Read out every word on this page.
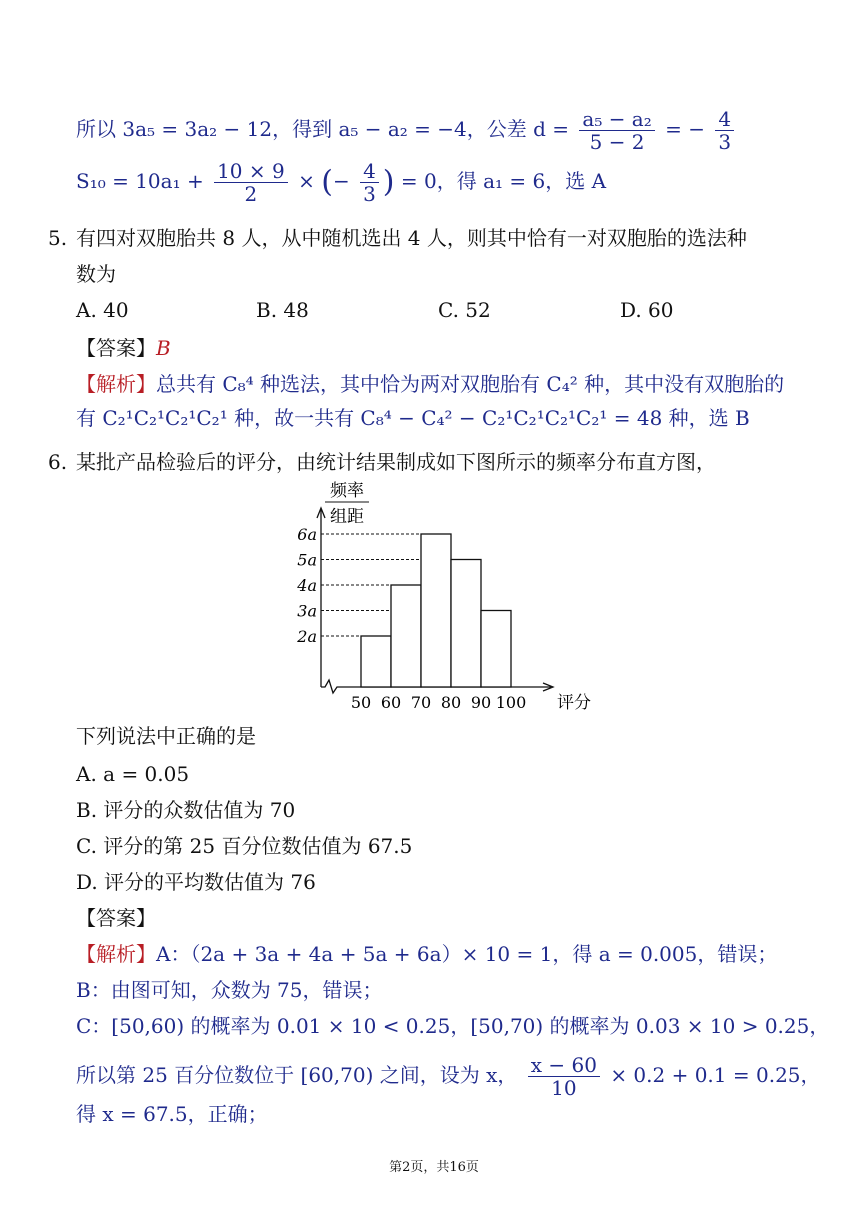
所以 3a₅ = 3a₂ − 12，得到 a₅ − a₂ = −4，公差 $d = \frac{\text{a₅ − a₂}}{5 - 2}$ = − $\frac{4}{3}$
$S_{10} = 10a_1 + \frac{10 \times 9}{2}$ × (− $\frac{4}{3}$ ) = 0，得 a₁ = 6，选 A
5. 有四对双胞胎共 8 人，从中随机选出 4 人，则其中恰有一对双胞胎的选法种
数为
A. 40	B. 48	C. 52	D. 60
【答案】B
【解析】总共有 C₈⁴ 种选法，其中恰为两对双胞胎有 C₄² 种，其中没有双胞胎的
有 C₂¹C₂¹C₂¹C₂¹ 种，故一共有 C₈⁴ − C₄² − C₂¹C₂¹C₂¹C₂¹ = 48 种，选 B
6. 某批产品检验后的评分，由统计结果制成如下图所示的频率分布直方图，
频率
组距
2a
3a
4a
5a
6a
50 60 70 80 90 100 评分
下列说法中正确的是
A. a = 0.05
B. 评分的众数估值为 70
C. 评分的第 25 百分位数估值为 67.5
D. 评分的平均数估值为 76
【答案】
【解析】A：（2a + 3a + 4a + 5a + 6a）× 10 = 1，得 a = 0.005，错误；
B：由图可知，众数为 75，错误；
C：[50,60) 的概率为 0.01 × 10 < 0.25，[50,70) 的概率为 0.03 × 10 > 0.25，
所以第 25 百分位数位于 [60,70) 之间，设为 x， $\frac{x - 60}{10} \times 0.2 + 0.1 = 0.25$，
得 x = 67.5，正确；
第2页，共16页
